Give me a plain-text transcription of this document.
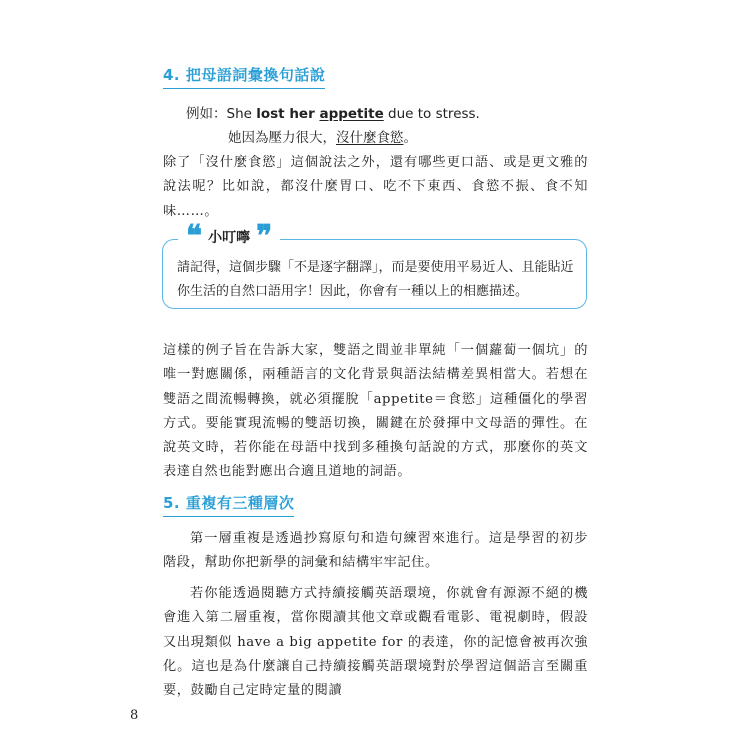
4. 把母語詞彙換句話說
例如：She lost her appetite due to stress.
她因為壓力很大，沒什麼食慾。

除了「沒什麼食慾」這個說法之外，還有哪些更口語、或是更文雅的說法呢？比如說，都沒什麼胃口、吃不下東西、食慾不振、食不知味……。

❝ 小叮嚀 ❞

請記得，這個步驟「不是逐字翻譯」，而是要使用平易近人、且能貼近你生活的自然口語用字！因此，你會有一種以上的相應描述。

這樣的例子旨在告訴大家，雙語之間並非單純「一個蘿蔔一個坑」的唯一對應關係，兩種語言的文化背景與語法結構差異相當大。若想在雙語之間流暢轉換，就必須擺脫「appetite＝食慾」這種僵化的學習方式。要能實現流暢的雙語切換，關鍵在於發揮中文母語的彈性。在說英文時，若你能在母語中找到多種換句話說的方式，那麼你的英文表達自然也能對應出合適且道地的詞語。

5. 重複有三種層次

第一層重複是透過抄寫原句和造句練習來進行。這是學習的初步階段，幫助你把新學的詞彙和結構牢牢記住。

若你能透過閱聽方式持續接觸英語環境，你就會有源源不絕的機會進入第二層重複，當你閱讀其他文章或觀看電影、電視劇時，假設又出現類似 have a big appetite for 的表達，你的記憶會被再次強化。這也是為什麼讓自己持續接觸英語環境對於學習這個語言至關重要，鼓勵自己定時定量的閱讀

8
